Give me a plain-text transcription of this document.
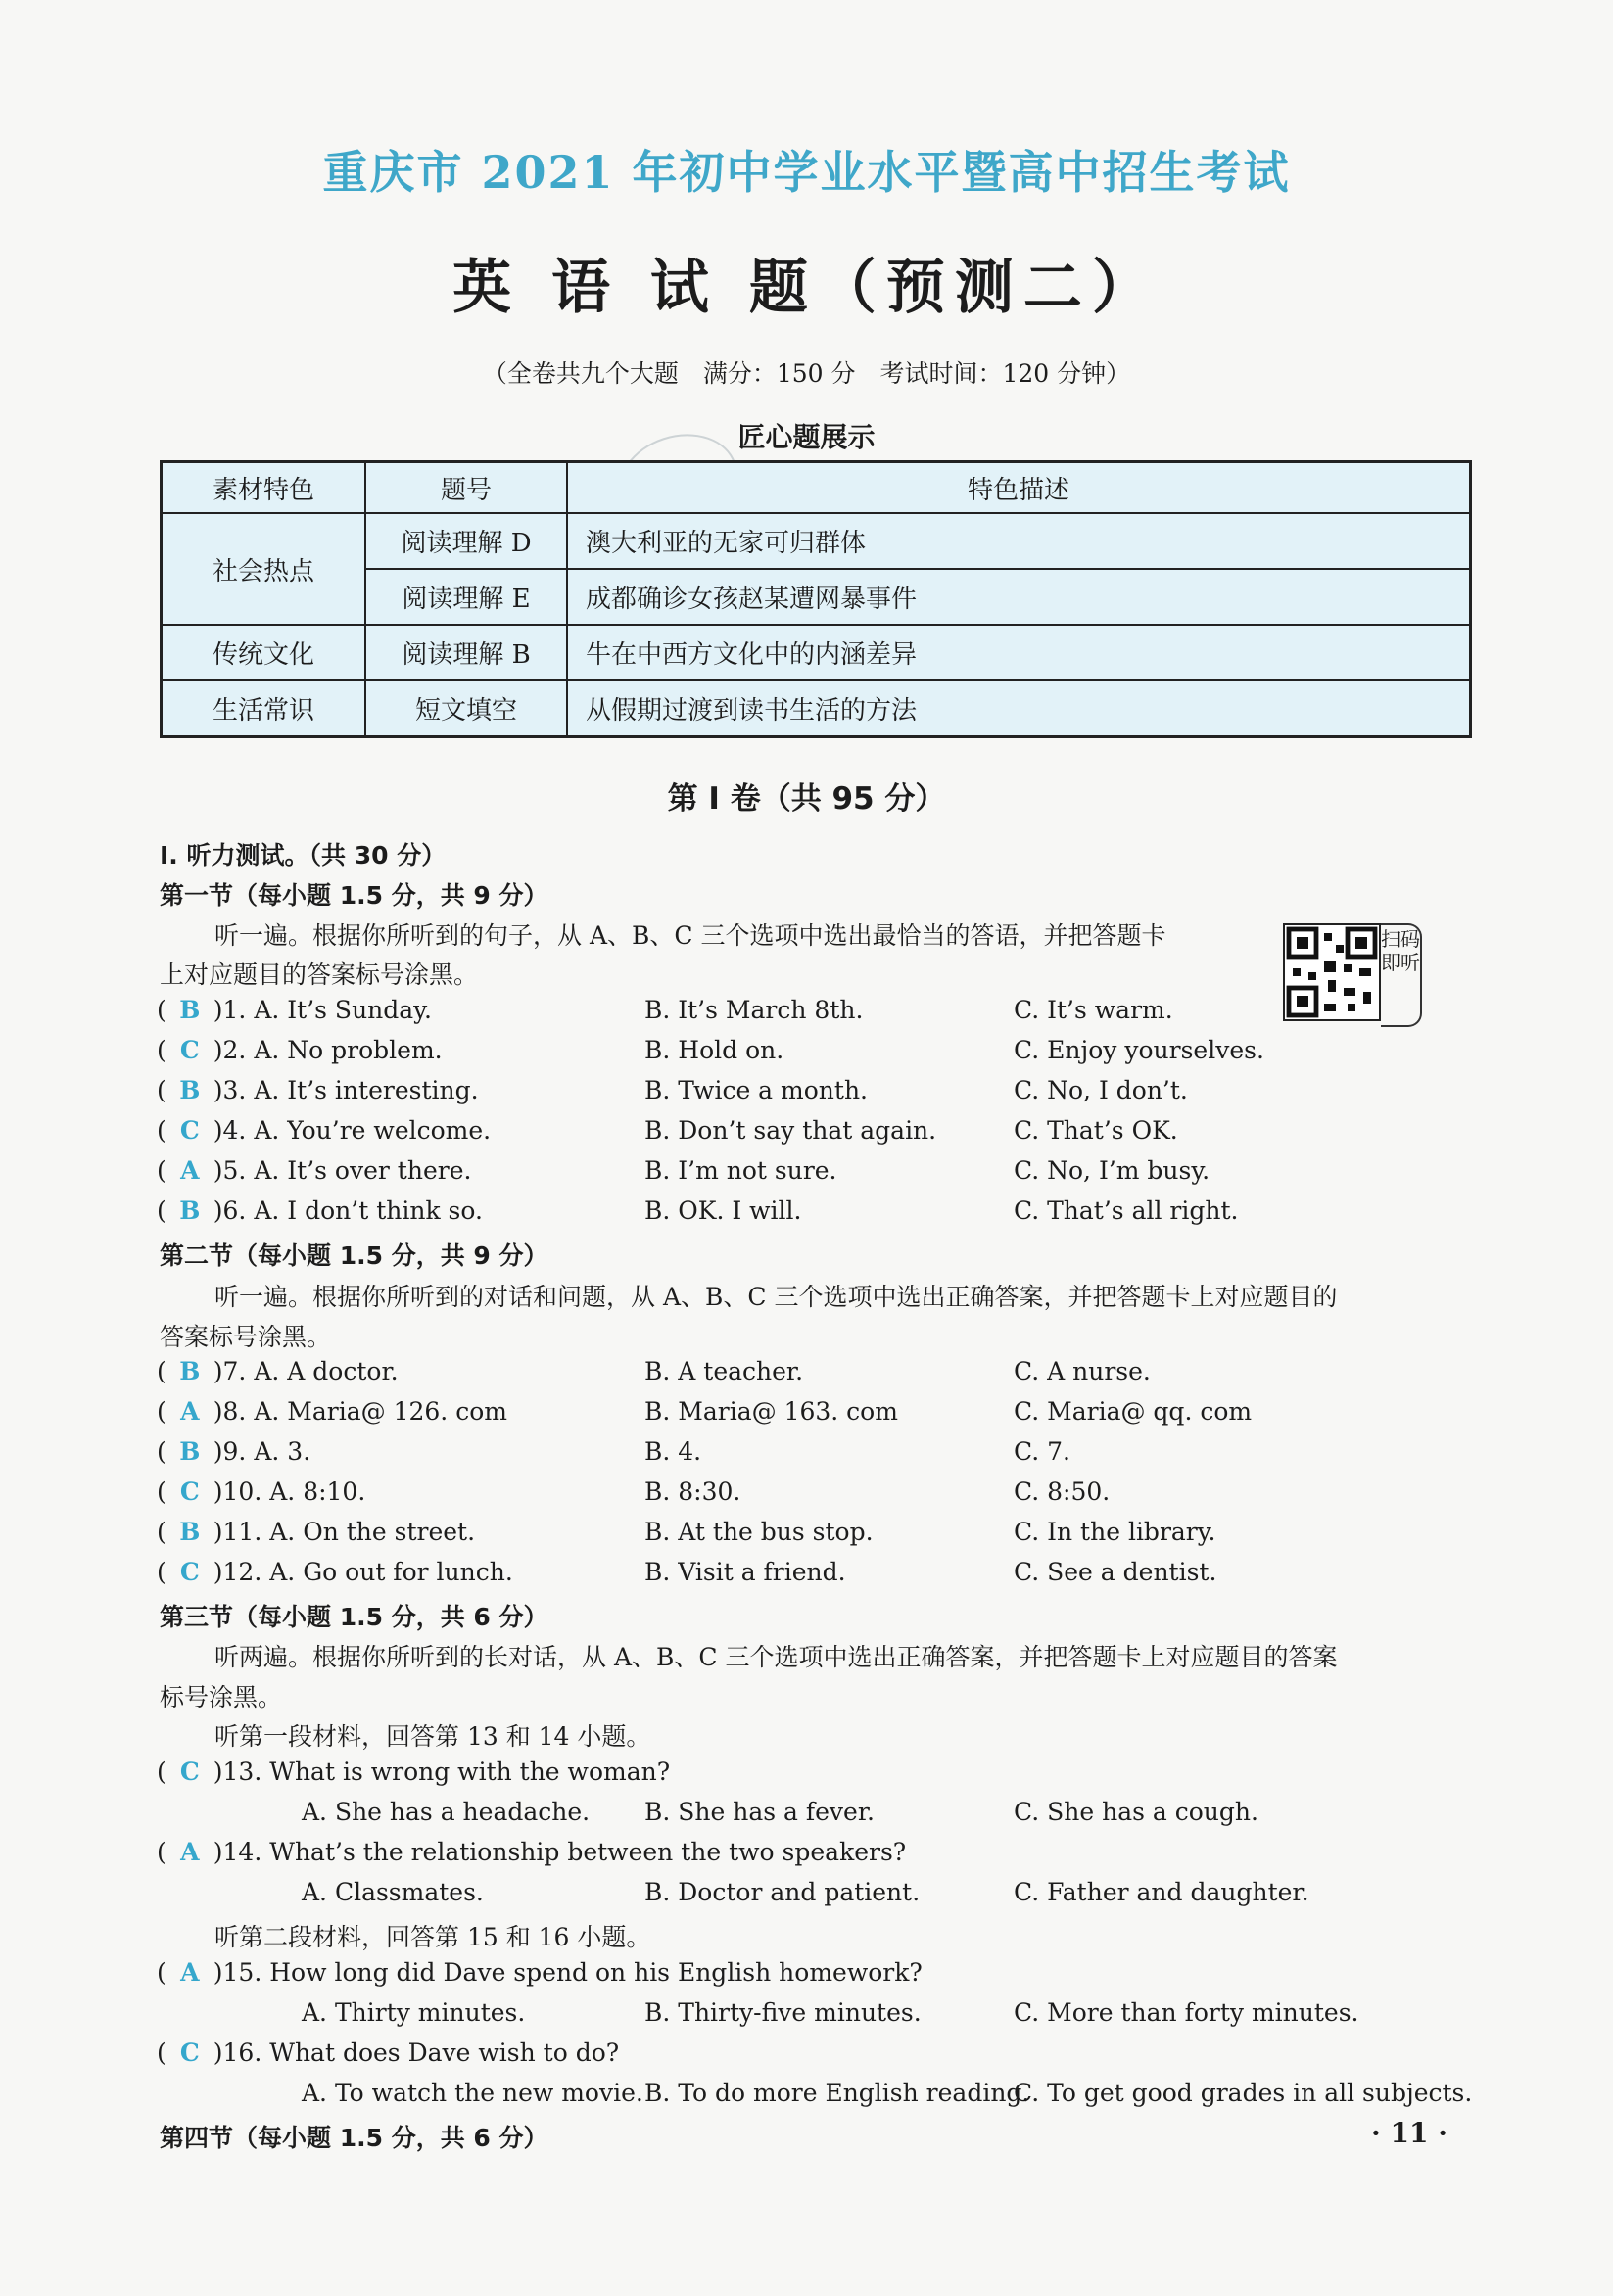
重庆市 2021 年初中学业水平暨高中招生考试
英 语 试 题（预测二）
（全卷共九个大题　满分：150 分　考试时间：120 分钟）
匠心题展示
素材特色	题号	特色描述
社会热点	阅读理解 D	澳大利亚的无家可归群体
	阅读理解 E	成都确诊女孩赵某遭网暴事件
传统文化	阅读理解 B	牛在中西方文化中的内涵差异
生活常识	短文填空	从假期过渡到读书生活的方法
第 I 卷（共 95 分）
I. 听力测试。（共 30 分）
第一节（每小题 1.5 分，共 9 分）
听一遍。根据你所听到的句子，从 A、B、C 三个选项中选出最恰当的答语，并把答题卡
上对应题目的答案标号涂黑。
扫码即听
( B )1. A. It’s Sunday.	B. It’s March 8th.	C. It’s warm.
( C )2. A. No problem.	B. Hold on.	C. Enjoy yourselves.
( B )3. A. It’s interesting.	B. Twice a month.	C. No, I don’t.
( C )4. A. You’re welcome.	B. Don’t say that again.	C. That’s OK.
( A )5. A. It’s over there.	B. I’m not sure.	C. No, I’m busy.
( B )6. A. I don’t think so.	B. OK. I will.	C. That’s all right.
第二节（每小题 1.5 分，共 9 分）
听一遍。根据你所听到的对话和问题，从 A、B、C 三个选项中选出正确答案，并把答题卡上对应题目的
答案标号涂黑。
( B )7. A. A doctor.	B. A teacher.	C. A nurse.
( A )8. A. Maria@ 126. com	B. Maria@ 163. com	C. Maria@ qq. com
( B )9. A. 3.	B. 4.	C. 7.
( C )10. A. 8:10.	B. 8:30.	C. 8:50.
( B )11. A. On the street.	B. At the bus stop.	C. In the library.
( C )12. A. Go out for lunch.	B. Visit a friend.	C. See a dentist.
第三节（每小题 1.5 分，共 6 分）
听两遍。根据你所听到的长对话，从 A、B、C 三个选项中选出正确答案，并把答题卡上对应题目的答案
标号涂黑。
听第一段材料，回答第 13 和 14 小题。
( C )13. What is wrong with the woman?
A. She has a headache. B. She has a fever.	C. She has a cough.
( A )14. What’s the relationship between the two speakers?
A. Classmates.	B. Doctor and patient.	C. Father and daughter.
听第二段材料，回答第 15 和 16 小题。
( A )15. How long did Dave spend on his English homework?
A. Thirty minutes.	B. Thirty-five minutes.	C. More than forty minutes.
( C )16. What does Dave wish to do?
A. To watch the new movie. B. To do more English reading.
C. To get good grades in all subjects.
第四节（每小题 1.5 分，共 6 分）	· 11 ·
